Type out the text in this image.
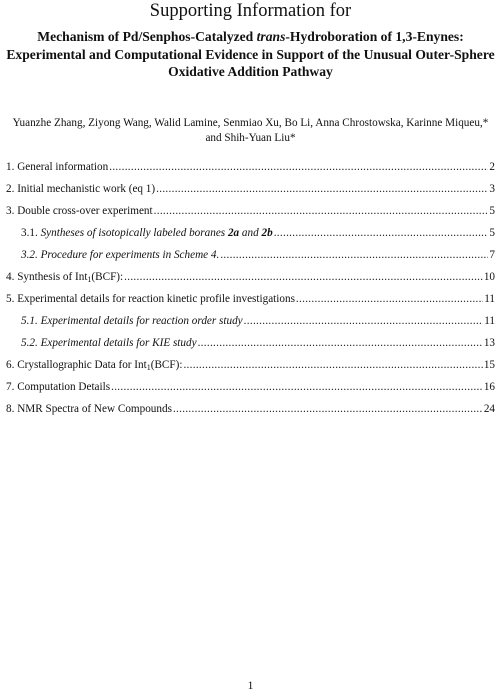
Supporting Information for
Mechanism of Pd/Senphos-Catalyzed trans-Hydroboration of 1,3-Enynes: Experimental and Computational Evidence in Support of the Unusual Outer-Sphere Oxidative Addition Pathway
Yuanzhe Zhang, Ziyong Wang, Walid Lamine, Senmiao Xu, Bo Li, Anna Chrostowska, Karinne Miqueu,*
and Shih-Yuan Liu*
1. General information .....	2
2. Initial mechanistic work (eq 1) .....	3
3. Double cross-over experiment .....	5
3.1. Syntheses of isotopically labeled boranes 2a and 2b .....	5
3.2. Procedure for experiments in Scheme 4. .....	7
4. Synthesis of Int$_1$(BCF): .....	10
5. Experimental details for reaction kinetic profile investigations .....	11
5.1. Experimental details for reaction order study .....	11
5.2. Experimental details for KIE study .....	13
6. Crystallographic Data for Int$_1$(BCF): .....	15
7. Computation Details .....	16
8. NMR Spectra of New Compounds .....	24
1
